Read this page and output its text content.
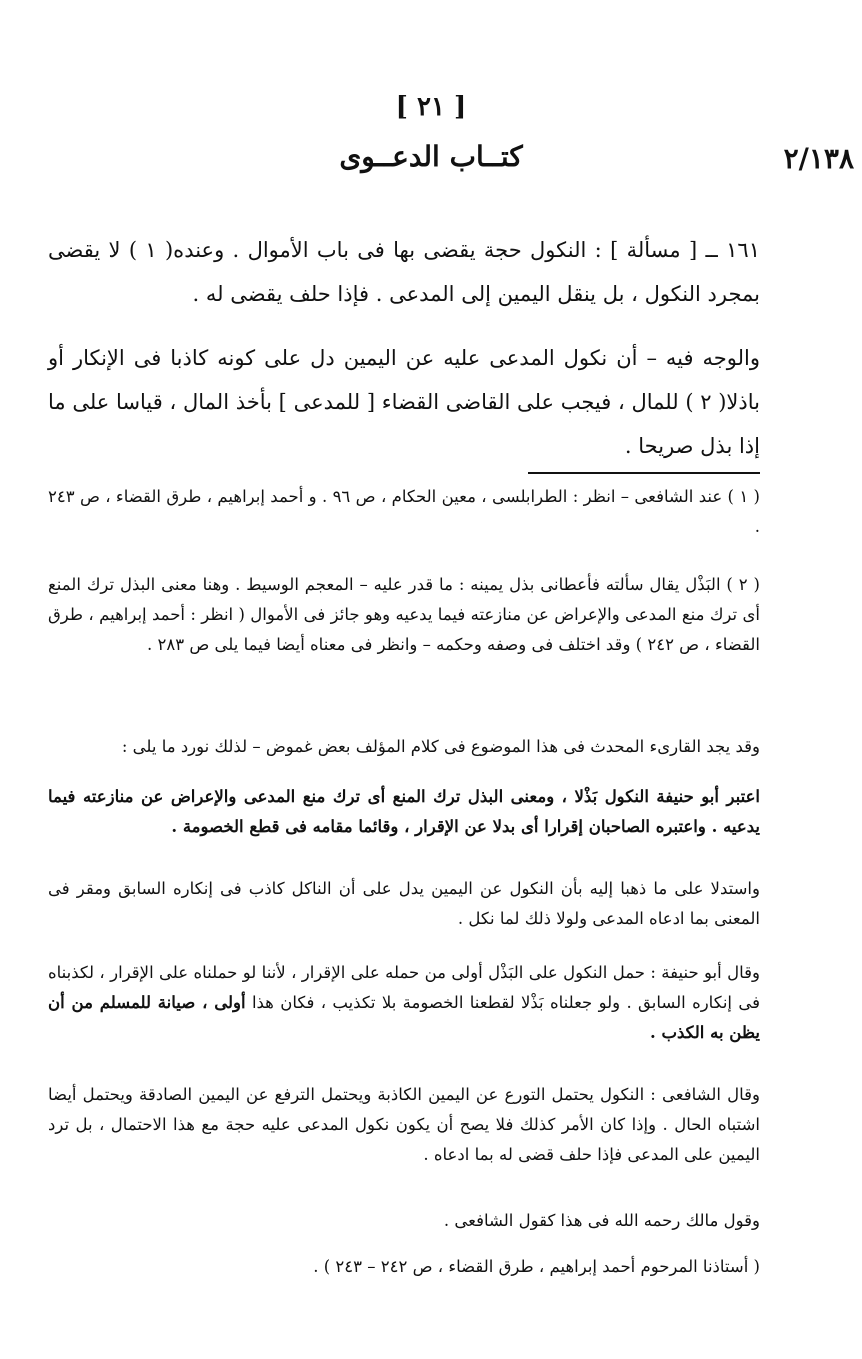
[ ٢١ ]
كتــاب الدعــوى	٢/١٣٨
١٦١ ــ [ مسألة ] : النكول حجة يقضى بها فى باب الأموال . وعنده( ١ ) لا يقضى بمجرد النكول ، بل ينقل اليمين إلى المدعى . فإذا حلف يقضى له .
والوجه فيه – أن نكول المدعى عليه عن اليمين دل على كونه كاذبا فى الإنكار أو باذلا( ٢ ) للمال ، فيجب على القاضى القضاء [ للمدعى ] بأخذ المال ، قياسا على ما إذا بذل صريحا .
( ١ ) عند الشافعى – انظر : الطرابلسى ، معين الحكام ، ص ٩٦ . و أحمد إبراهيم ، طرق القضاء ، ص ٢٤٣ .
( ٢ ) البَذْل يقال سألته فأعطانى بذل يمينه : ما قدر عليه – المعجم الوسيط . وهنا معنى البذل ترك المنع أى ترك منع المدعى والإعراض عن منازعته فيما يدعيه وهو جائز فى الأموال ( انظر : أحمد إبراهيم ، طرق القضاء ، ص ٢٤٢ ) وقد اختلف فى وصفه وحكمه – وانظر فى معناه أيضا فيما يلى ص ٢٨٣ .
وقد يجد القارىء المحدث فى هذا الموضوع فى كلام المؤلف بعض غموض – لذلك نورد ما يلى :
اعتبر أبو حنيفة النكول بَذْلا ، ومعنى البذل ترك المنع أى ترك منع المدعى والإعراض عن منازعته فيما يدعيه . واعتبره الصاحبان إقرارا أى بدلا عن الإقرار ، وقائما مقامه فى قطع الخصومة .
واستدلا على ما ذهبا إليه بأن النكول عن اليمين يدل على أن الناكل كاذب فى إنكاره السابق ومقر فى المعنى بما ادعاه المدعى ولولا ذلك لما نكل .
وقال أبو حنيفة : حمل النكول على البَذْل أولى من حمله على الإقرار ، لأننا لو حملناه على الإقرار ، لكذبناه فى إنكاره السابق . ولو جعلناه بَذْلا لقطعنا الخصومة بلا تكذيب ، فكان هذا أولى ، صيانة للمسلم من أن يظن به الكذب .
وقال الشافعى : النكول يحتمل التورع عن اليمين الكاذبة ويحتمل الترفع عن اليمين الصادقة ويحتمل أيضا اشتباه الحال . وإذا كان الأمر كذلك فلا يصح أن يكون نكول المدعى عليه حجة مع هذا الاحتمال ، بل ترد اليمين على المدعى فإذا حلف قضى له بما ادعاه .
وقول مالك رحمه الله فى هذا كقول الشافعى .
( أستاذنا المرحوم أحمد إبراهيم ، طرق القضاء ، ص ٢٤٢ – ٢٤٣ ) .
